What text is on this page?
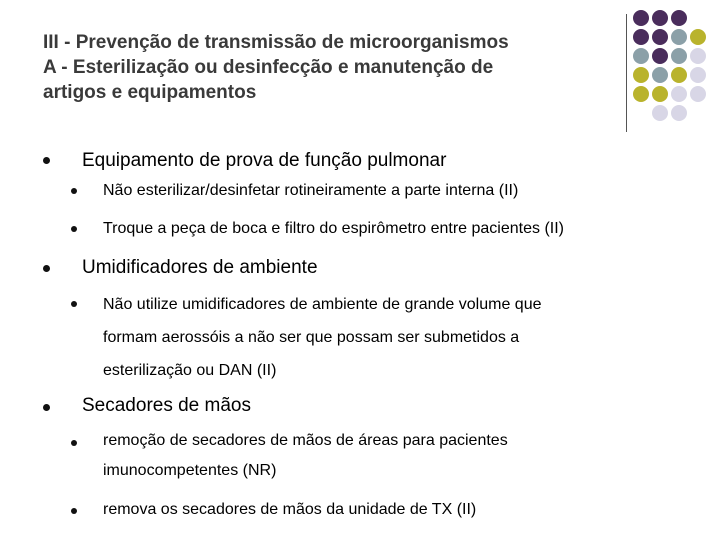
III - Prevenção de transmissão de microorganismos
A - Esterilização ou desinfecção e manutenção de
artigos e equipamentos
Equipamento de prova de função pulmonar
Não esterilizar/desinfetar rotineiramente a parte interna (II)
Troque a peça de boca e filtro do espirômetro entre pacientes (II)
Umidificadores de ambiente
Não utilize umidificadores de ambiente de grande volume que
formam aerossóis a não ser que possam ser submetidos a
esterilização ou DAN (II)
Secadores de mãos
remoção de secadores de mãos de áreas para pacientes
imunocompetentes (NR)
remova os secadores de mãos da unidade de TX (II)
